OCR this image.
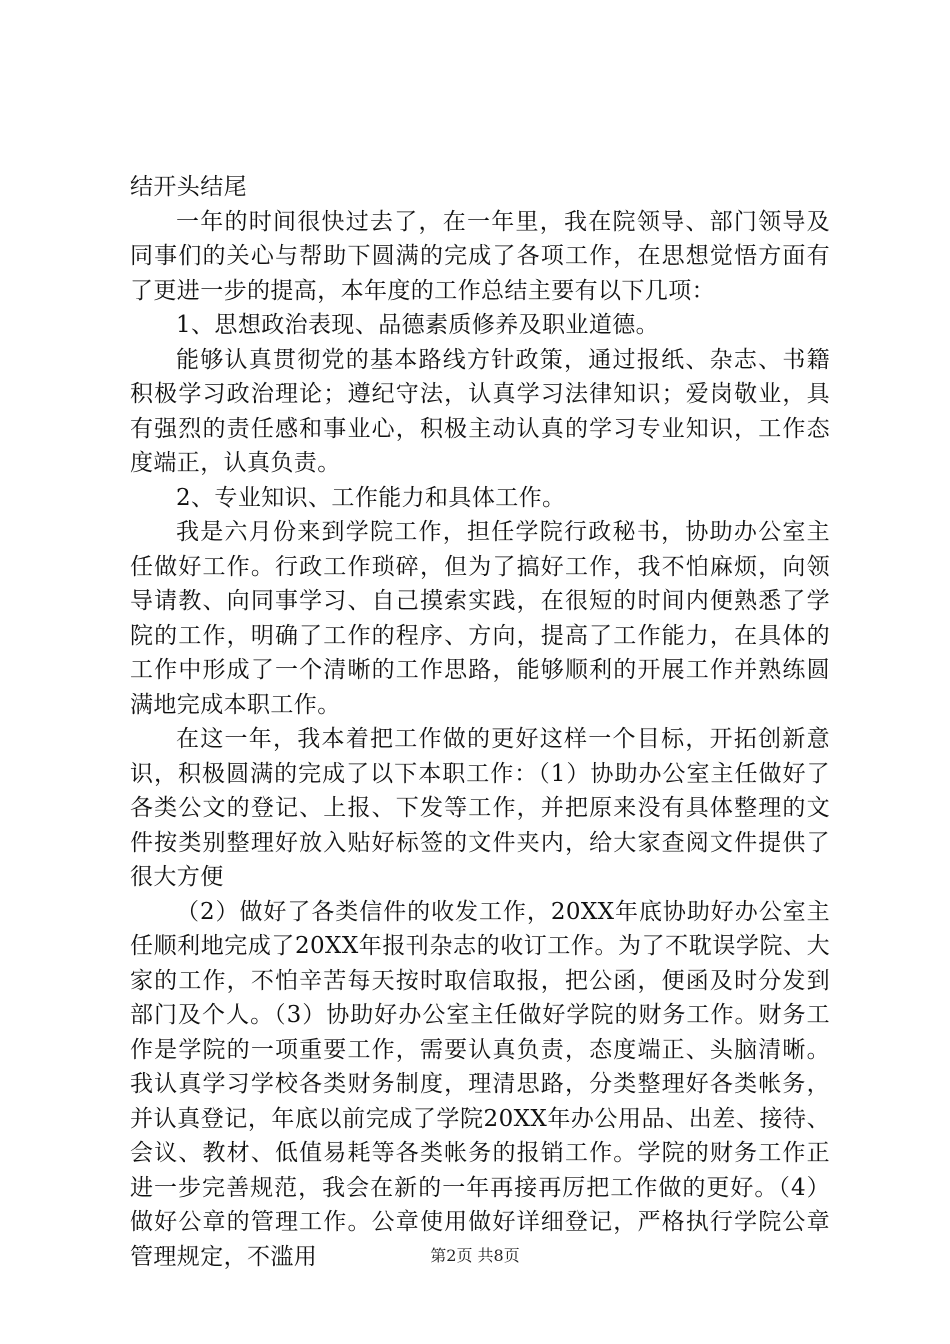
结开头结尾

一年的时间很快过去了，在一年里，我在院领导、部门领导及同事们的关心与帮助下圆满的完成了各项工作，在思想觉悟方面有了更进一步的提高，本年度的工作总结主要有以下几项：

1、思想政治表现、品德素质修养及职业道德。

能够认真贯彻党的基本路线方针政策，通过报纸、杂志、书籍积极学习政治理论；遵纪守法，认真学习法律知识；爱岗敬业，具有强烈的责任感和事业心，积极主动认真的学习专业知识，工作态度端正，认真负责。

2、专业知识、工作能力和具体工作。

我是六月份来到学院工作，担任学院行政秘书，协助办公室主任做好工作。行政工作琐碎，但为了搞好工作，我不怕麻烦，向领导请教、向同事学习、自己摸索实践，在很短的时间内便熟悉了学院的工作，明确了工作的程序、方向，提高了工作能力，在具体的工作中形成了一个清晰的工作思路，能够顺利的开展工作并熟练圆满地完成本职工作。

在这一年，我本着把工作做的更好这样一个目标，开拓创新意识，积极圆满的完成了以下本职工作：（1）协助办公室主任做好了各类公文的登记、上报、下发等工作，并把原来没有具体整理的文件按类别整理好放入贴好标签的文件夹内，给大家查阅文件提供了很大方便

（2）做好了各类信件的收发工作，20XX年底协助好办公室主任顺利地完成了20XX年报刊杂志的收订工作。为了不耽误学院、大家的工作，不怕辛苦每天按时取信取报，把公函，便函及时分发到部门及个人。（3）协助好办公室主任做好学院的财务工作。财务工作是学院的一项重要工作，需要认真负责，态度端正、头脑清晰。我认真学习学校各类财务制度，理清思路，分类整理好各类帐务，并认真登记，年底以前完成了学院20XX年办公用品、出差、接待、会议、教材、低值易耗等各类帐务的报销工作。学院的财务工作正进一步完善规范，我会在新的一年再接再厉把工作做的更好。（4）做好公章的管理工作。公章使用做好详细登记，严格执行学院公章管理规定，不滥用	第2页 共8页
